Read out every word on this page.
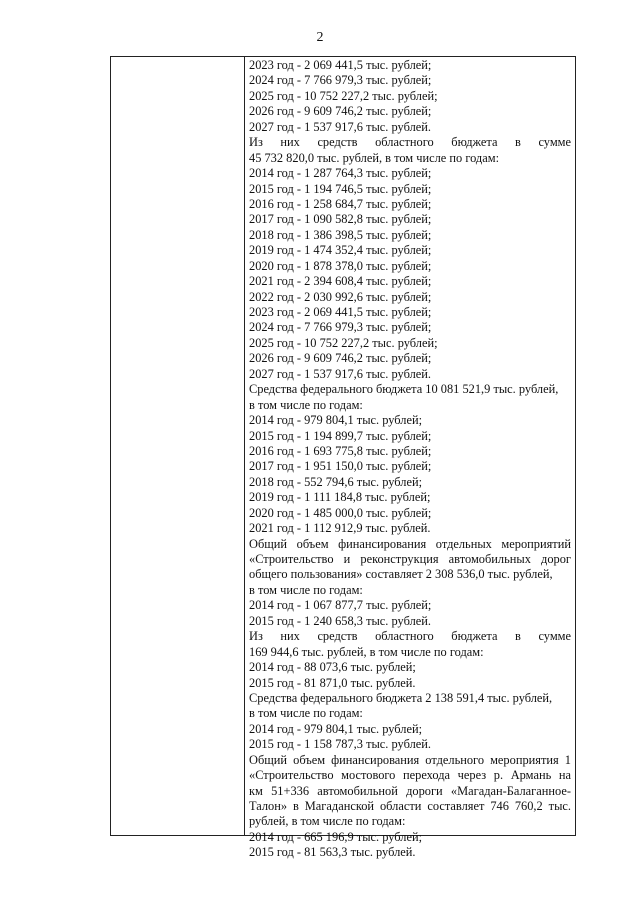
2
2023 год - 2 069 441,5 тыс. рублей;
2024 год - 7 766 979,3 тыс. рублей;
2025 год - 10 752 227,2 тыс. рублей;
2026 год - 9 609 746,2 тыс. рублей;
2027 год - 1 537 917,6 тыс. рублей.
Из них средств областного бюджета в сумме
45 732 820,0 тыс. рублей, в том числе по годам:
2014 год - 1 287 764,3 тыс. рублей;
2015 год - 1 194 746,5 тыс. рублей;
2016 год - 1 258 684,7 тыс. рублей;
2017 год - 1 090 582,8 тыс. рублей;
2018 год - 1 386 398,5 тыс. рублей;
2019 год - 1 474 352,4 тыс. рублей;
2020 год - 1 878 378,0 тыс. рублей;
2021 год - 2 394 608,4 тыс. рублей;
2022 год - 2 030 992,6 тыс. рублей;
2023 год - 2 069 441,5 тыс. рублей;
2024 год - 7 766 979,3 тыс. рублей;
2025 год - 10 752 227,2 тыс. рублей;
2026 год - 9 609 746,2 тыс. рублей;
2027 год - 1 537 917,6 тыс. рублей.
Средства федерального бюджета 10 081 521,9 тыс. рублей,
в том числе по годам:
2014 год - 979 804,1 тыс. рублей;
2015 год - 1 194 899,7 тыс. рублей;
2016 год - 1 693 775,8 тыс. рублей;
2017 год - 1 951 150,0 тыс. рублей;
2018 год - 552 794,6 тыс. рублей;
2019 год - 1 111 184,8 тыс. рублей;
2020 год - 1 485 000,0 тыс. рублей;
2021 год - 1 112 912,9 тыс. рублей.
Общий объем финансирования отдельных мероприятий
«Строительство и реконструкция автомобильных дорог
общего пользования» составляет 2 308 536,0 тыс. рублей,
в том числе по годам:
2014 год - 1 067 877,7 тыс. рублей;
2015 год - 1 240 658,3 тыс. рублей.
Из них средств областного бюджета в сумме
169 944,6 тыс. рублей, в том числе по годам:
2014 год - 88 073,6 тыс. рублей;
2015 год - 81 871,0 тыс. рублей.
Средства федерального бюджета 2 138 591,4 тыс. рублей,
в том числе по годам:
2014 год - 979 804,1 тыс. рублей;
2015 год - 1 158 787,3 тыс. рублей.
Общий объем финансирования отдельного мероприятия 1
«Строительство мостового перехода через р. Армань на
км 51+336 автомобильной дороги «Магадан-Балаганное-
Талон» в Магаданской области составляет 746 760,2 тыс.
рублей, в том числе по годам:
2014 год - 665 196,9 тыс. рублей;
2015 год - 81 563,3 тыс. рублей.
